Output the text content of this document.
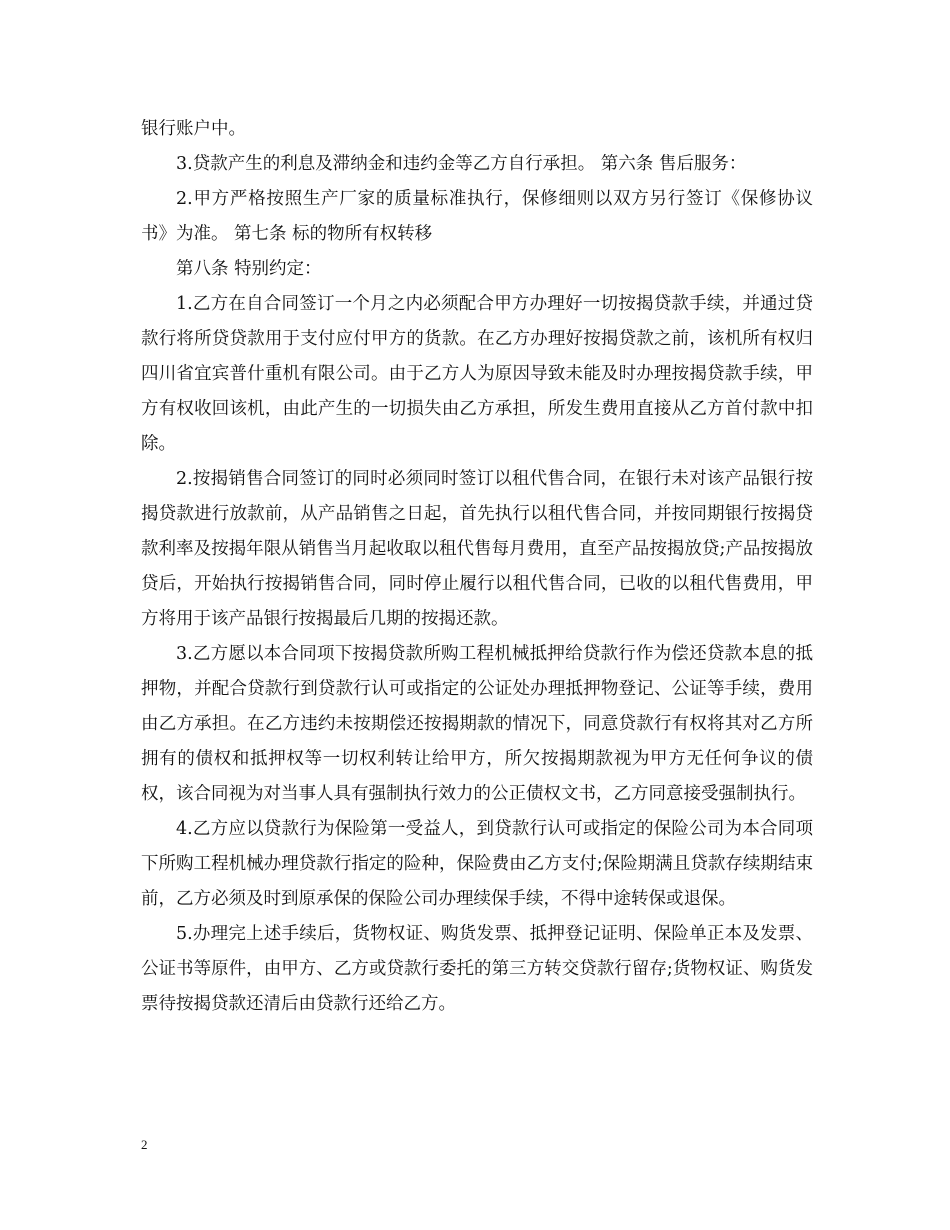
银行账户中。

3.贷款产生的利息及滞纳金和违约金等乙方自行承担。 第六条 售后服务：

2.甲方严格按照生产厂家的质量标准执行，保修细则以双方另行签订《保修协议书》为准。 第七条 标的物所有权转移

第八条 特别约定：

1.乙方在自合同签订一个月之内必须配合甲方办理好一切按揭贷款手续，并通过贷款行将所贷贷款用于支付应付甲方的货款。在乙方办理好按揭贷款之前，该机所有权归四川省宜宾普什重机有限公司。由于乙方人为原因导致未能及时办理按揭贷款手续，甲方有权收回该机，由此产生的一切损失由乙方承担，所发生费用直接从乙方首付款中扣除。

2.按揭销售合同签订的同时必须同时签订以租代售合同，在银行未对该产品银行按揭贷款进行放款前，从产品销售之日起，首先执行以租代售合同，并按同期银行按揭贷款利率及按揭年限从销售当月起收取以租代售每月费用，直至产品按揭放贷;产品按揭放贷后，开始执行按揭销售合同，同时停止履行以租代售合同，已收的以租代售费用，甲方将用于该产品银行按揭最后几期的按揭还款。

3.乙方愿以本合同项下按揭贷款所购工程机械抵押给贷款行作为偿还贷款本息的抵押物，并配合贷款行到贷款行认可或指定的公证处办理抵押物登记、公证等手续，费用由乙方承担。在乙方违约未按期偿还按揭期款的情况下，同意贷款行有权将其对乙方所拥有的债权和抵押权等一切权利转让给甲方，所欠按揭期款视为甲方无任何争议的债权，该合同视为对当事人具有强制执行效力的公正债权文书，乙方同意接受强制执行。

4.乙方应以贷款行为保险第一受益人，到贷款行认可或指定的保险公司为本合同项下所购工程机械办理贷款行指定的险种，保险费由乙方支付;保险期满且贷款存续期结束前，乙方必须及时到原承保的保险公司办理续保手续，不得中途转保或退保。

5.办理完上述手续后，货物权证、购货发票、抵押登记证明、保险单正本及发票、公证书等原件，由甲方、乙方或贷款行委托的第三方转交贷款行留存;货物权证、购货发票待按揭贷款还清后由贷款行还给乙方。

2
